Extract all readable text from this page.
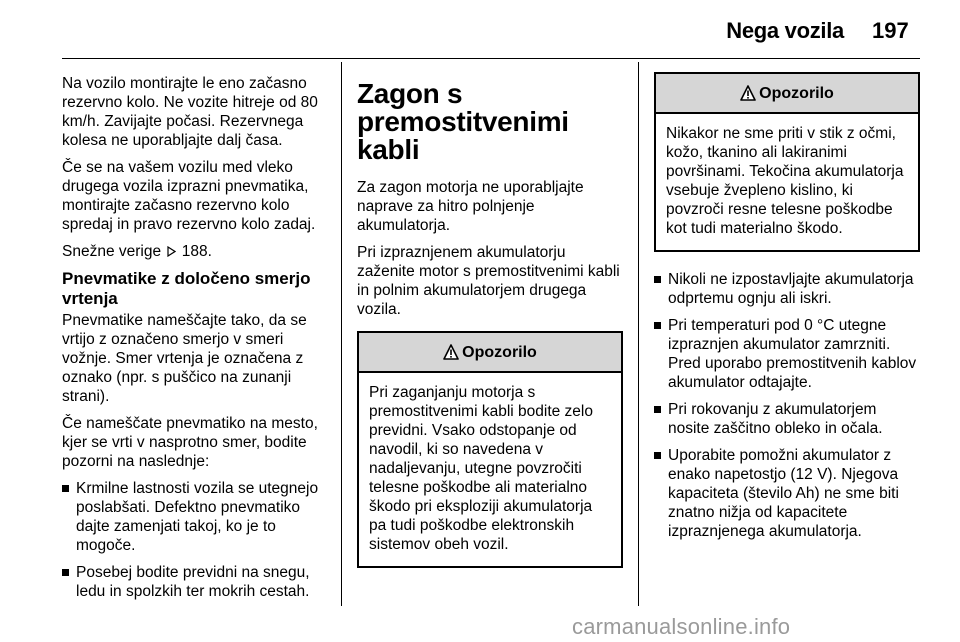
Nega vozila 197

Na vozilo montirajte le eno začasno rezervno kolo. Ne vozite hitreje od 80 km/h. Zavijajte počasi. Rezervnega kolesa ne uporabljajte dalj časa.

Če se na vašem vozilu med vleko drugega vozila izprazni pnevmatika, montirajte začasno rezervno kolo spredaj in pravo rezervno kolo zadaj.

Snežne verige 188.

Pnevmatike z določeno smerjo vrtenja

Pnevmatike nameščajte tako, da se vrtijo z označeno smerjo v smeri vožnje. Smer vrtenja je označena z oznako (npr. s puščico na zunanji strani).

Če nameščate pnevmatiko na mesto, kjer se vrti v nasprotno smer, bodite pozorni na naslednje:

Krmilne lastnosti vozila se utegnejo poslabšati. Defektno pnevmatiko dajte zamenjati takoj, ko je to mogoče.
Posebej bodite previdni na snegu, ledu in spolzkih ter mokrih cestah.
Zagon s premostitvenimi kabli

Za zagon motorja ne uporabljajte naprave za hitro polnjenje akumulatorja.

Pri izpraznjenem akumulatorju zaženite motor s premostitvenimi kabli in polnim akumulatorjem drugega vozila.

Opozorilo
Pri zaganjanju motorja s premostitvenimi kabli bodite zelo previdni. Vsako odstopanje od navodil, ki so navedena v nadaljevanju, utegne povzročiti telesne poškodbe ali materialno škodo pri eksploziji akumulatorja pa tudi poškodbe elektronskih sistemov obeh vozil.
Opozorilo
Nikakor ne sme priti v stik z očmi, kožo, tkanino ali lakiranimi površinami. Tekočina akumulatorja vsebuje žvepleno kislino, ki povzroči resne telesne poškodbe kot tudi materialno škodo.
Nikoli ne izpostavljajte akumulatorja odprtemu ognju ali iskri.
Pri temperaturi pod 0 °C utegne izpraznjen akumulator zamrzniti. Pred uporabo premostitvenih kablov akumulator odtajajte.
Pri rokovanju z akumulatorjem nosite zaščitno obleko in očala.
Uporabite pomožni akumulator z enako napetostjo (12 V). Njegova kapaciteta (število Ah) ne sme biti znatno nižja od kapacitete izpraznjenega akumulatorja.
carmanualsonline.info
